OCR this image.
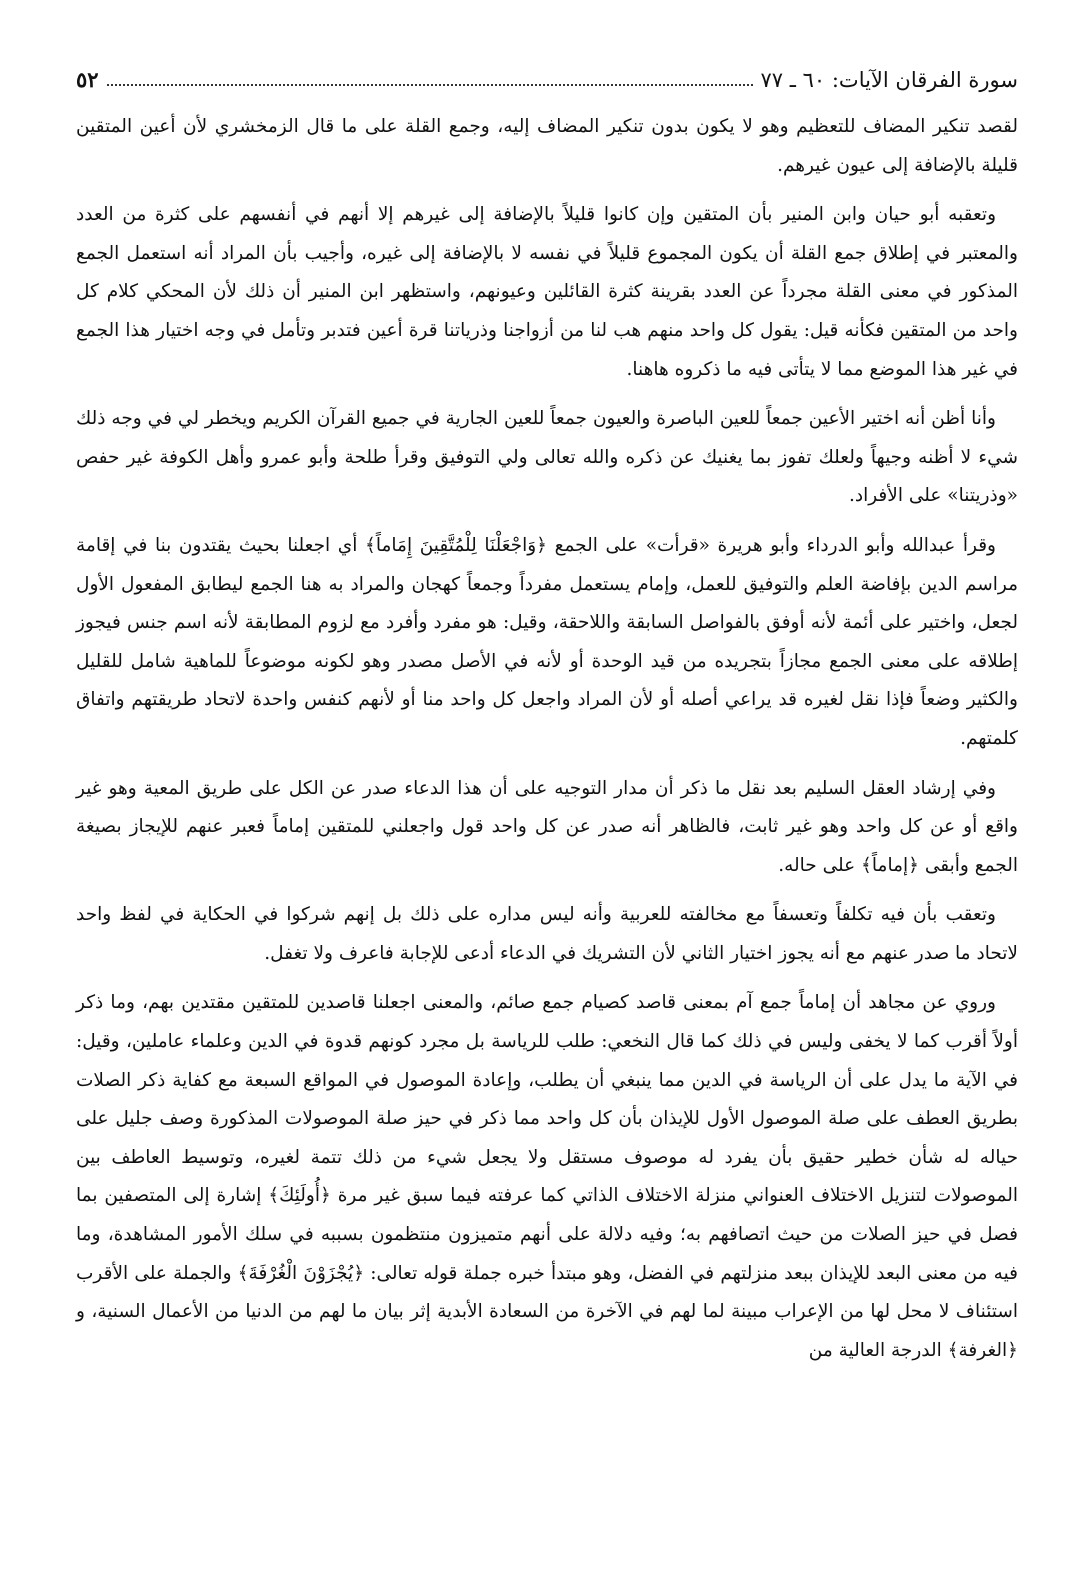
سورة الفرقان الآيات: ٦٠ ـ ٧٧
٥٢

لقصد تنكير المضاف للتعظيم وهو لا يكون بدون تنكير المضاف إليه، وجمع القلة على ما قال الزمخشري لأن أعين المتقين قليلة بالإضافة إلى عيون غيرهم.

وتعقبه أبو حيان وابن المنير بأن المتقين وإن كانوا قليلاً بالإضافة إلى غيرهم إلا أنهم في أنفسهم على كثرة من العدد والمعتبر في إطلاق جمع القلة أن يكون المجموع قليلاً في نفسه لا بالإضافة إلى غيره، وأجيب بأن المراد أنه استعمل الجمع المذكور في معنى القلة مجرداً عن العدد بقرينة كثرة القائلين وعيونهم، واستظهر ابن المنير أن ذلك لأن المحكي كلام كل واحد من المتقين فكأنه قيل: يقول كل واحد منهم هب لنا من أزواجنا وذرياتنا قرة أعين فتدبر وتأمل في وجه اختيار هذا الجمع في غير هذا الموضع مما لا يتأتى فيه ما ذكروه هاهنا.

وأنا أظن أنه اختير الأعين جمعاً للعين الباصرة والعيون جمعاً للعين الجارية في جميع القرآن الكريم ويخطر لي في وجه ذلك شيء لا أظنه وجيهاً ولعلك تفوز بما يغنيك عن ذكره والله تعالى ولي التوفيق وقرأ طلحة وأبو عمرو وأهل الكوفة غير حفص «وذريتنا» على الأفراد.

وقرأ عبدالله وأبو الدرداء وأبو هريرة «قرأت» على الجمع ﴿وَاجْعَلْنَا لِلْمُتَّقِينَ إِمَاماً﴾ أي اجعلنا بحيث يقتدون بنا في إقامة مراسم الدين بإفاضة العلم والتوفيق للعمل، وإمام يستعمل مفرداً وجمعاً كهجان والمراد به هنا الجمع ليطابق المفعول الأول لجعل، واختير على أئمة لأنه أوفق بالفواصل السابقة واللاحقة، وقيل: هو مفرد وأفرد مع لزوم المطابقة لأنه اسم جنس فيجوز إطلاقه على معنى الجمع مجازاً بتجريده من قيد الوحدة أو لأنه في الأصل مصدر وهو لكونه موضوعاً للماهية شامل للقليل والكثير وضعاً فإذا نقل لغيره قد يراعي أصله أو لأن المراد واجعل كل واحد منا أو لأنهم كنفس واحدة لاتحاد طريقتهم واتفاق كلمتهم.

وفي إرشاد العقل السليم بعد نقل ما ذكر أن مدار التوجيه على أن هذا الدعاء صدر عن الكل على طريق المعية وهو غير واقع أو عن كل واحد وهو غير ثابت، فالظاهر أنه صدر عن كل واحد قول واجعلني للمتقين إماماً فعبر عنهم للإيجاز بصيغة الجمع وأبقى ﴿إماماً﴾ على حاله.

وتعقب بأن فيه تكلفاً وتعسفاً مع مخالفته للعربية وأنه ليس مداره على ذلك بل إنهم شركوا في الحكاية في لفظ واحد لاتحاد ما صدر عنهم مع أنه يجوز اختيار الثاني لأن التشريك في الدعاء أدعى للإجابة فاعرف ولا تغفل.

وروي عن مجاهد أن إماماً جمع آم بمعنى قاصد كصيام جمع صائم، والمعنى اجعلنا قاصدين للمتقين مقتدين بهم، وما ذكر أولاً أقرب كما لا يخفى وليس في ذلك كما قال النخعي: طلب للرياسة بل مجرد كونهم قدوة في الدين وعلماء عاملين، وقيل: في الآية ما يدل على أن الرياسة في الدين مما ينبغي أن يطلب، وإعادة الموصول في المواقع السبعة مع كفاية ذكر الصلات بطريق العطف على صلة الموصول الأول للإيذان بأن كل واحد مما ذكر في حيز صلة الموصولات المذكورة وصف جليل على حياله له شأن خطير حقيق بأن يفرد له موصوف مستقل ولا يجعل شيء من ذلك تتمة لغيره، وتوسيط العاطف بين الموصولات لتنزيل الاختلاف العنواني منزلة الاختلاف الذاتي كما عرفته فيما سبق غير مرة ﴿أُولَئِكَ﴾ إشارة إلى المتصفين بما فصل في حيز الصلات من حيث اتصافهم به؛ وفيه دلالة على أنهم متميزون منتظمون بسببه في سلك الأمور المشاهدة، وما فيه من معنى البعد للإيذان ببعد منزلتهم في الفضل، وهو مبتدأ خبره جملة قوله تعالى: ﴿يُجْزَوْنَ الْغُرْفَةَ﴾ والجملة على الأقرب استئناف لا محل لها من الإعراب مبينة لما لهم في الآخرة من السعادة الأبدية إثر بيان ما لهم من الدنيا من الأعمال السنية، و ﴿الغرفة﴾ الدرجة العالية من
